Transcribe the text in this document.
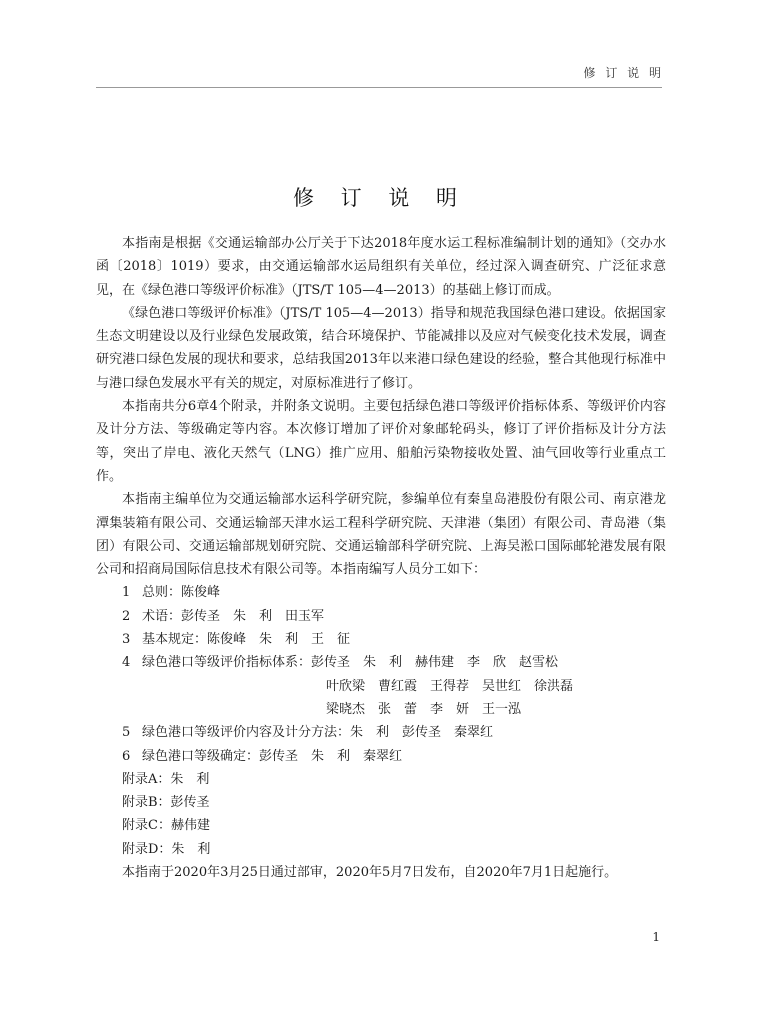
修 订 说 明
修 订 说 明

本指南是根据《交通运输部办公厅关于下达2018年度水运工程标准编制计划的通知》（交办水函〔2018〕1019）要求，由交通运输部水运局组织有关单位，经过深入调查研究、广泛征求意见，在《绿色港口等级评价标准》（JTS/T 105—4—2013）的基础上修订而成。

《绿色港口等级评价标准》（JTS/T 105—4—2013）指导和规范我国绿色港口建设。依据国家生态文明建设以及行业绿色发展政策，结合环境保护、节能减排以及应对气候变化技术发展，调查研究港口绿色发展的现状和要求，总结我国2013年以来港口绿色建设的经验，整合其他现行标准中与港口绿色发展水平有关的规定，对原标准进行了修订。

本指南共分6章4个附录，并附条文说明。主要包括绿色港口等级评价指标体系、等级评价内容及计分方法、等级确定等内容。本次修订增加了评价对象邮轮码头，修订了评价指标及计分方法等，突出了岸电、液化天然气（LNG）推广应用、船舶污染物接收处置、油气回收等行业重点工作。

本指南主编单位为交通运输部水运科学研究院，参编单位有秦皇岛港股份有限公司、南京港龙潭集装箱有限公司、交通运输部天津水运工程科学研究院、天津港（集团）有限公司、青岛港（集团）有限公司、交通运输部规划研究院、交通运输部科学研究院、上海吴淞口国际邮轮港发展有限公司和招商局国际信息技术有限公司等。本指南编写人员分工如下：

1 总则：陈俊峰
2 术语：彭传圣　朱　利　田玉军
3 基本规定：陈俊峰　朱　利　王　征
4 绿色港口等级评价指标体系：彭传圣　朱　利　赫伟建　李　欣　赵雪松
叶欣梁　曹红霞　王得荐　吴世红　徐洪磊
梁晓杰　张　蕾　李　妍　王一泓
5 绿色港口等级评价内容及计分方法：朱　利　彭传圣　秦翠红
6 绿色港口等级确定：彭传圣　朱　利　秦翠红
附录A：朱　利
附录B：彭传圣
附录C：赫伟建
附录D：朱　利

本指南于2020年3月25日通过部审，2020年5月7日发布，自2020年7月1日起施行。

1
